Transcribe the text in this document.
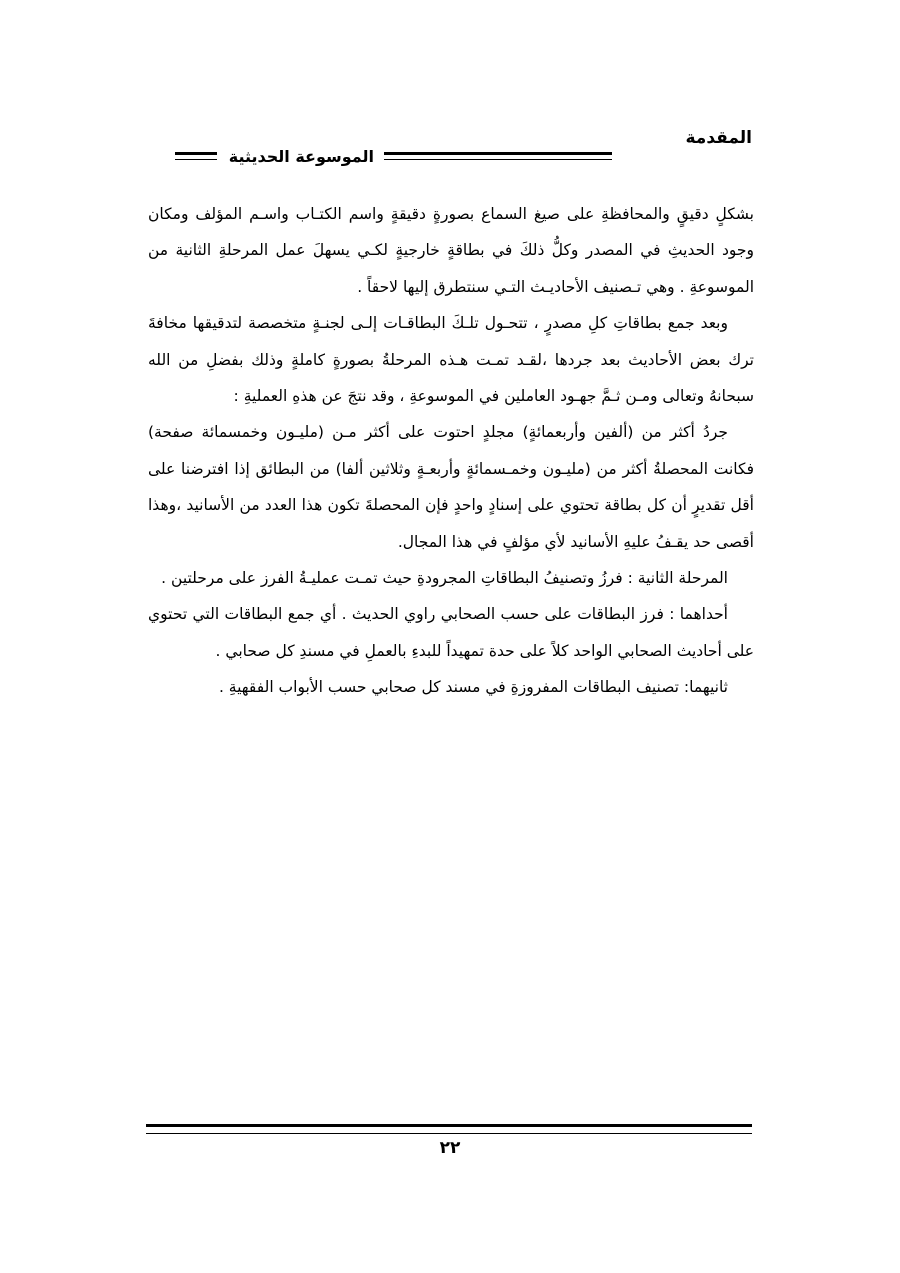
المقدمة
الموسوعة الحديثية

بشكلٍ دقيقٍ والمحافظةِ على صيغ السماع بصورةٍ دقيقةٍ واسم الكتـاب واسـم المؤلف ومكان وجود الحديثِ في المصدر وكلُّ ذلكَ في بطاقةٍ خارجيةٍ لكـي يسهلَ عمل المرحلةِ الثانية من الموسوعةِ . وهي تـصنيف الأحاديـث التـي سنتطرق إليها لاحقاً .

وبعد جمع بطاقاتِ كلِ مصدرٍ ، تتحـول تلـكَ البطاقـات إلـى لجنـةٍ متخصصة لتدقيقها مخافةَ ترك بعض الأحاديث بعد جردها ،لقـد تمـت هـذه المرحلةُ بصورةٍ كاملةٍ وذلك بفضلِ من الله سبحانهُ وتعالى ومـن ثـمَّ جهـود العاملين في الموسوعةِ ، وقد نتجَ عن هذهِ العمليةِ :

جردُ أكثر من (ألفين وأربعمائةٍ) مجلدٍ احتوت على أكثر مـن (مليـون وخمسمائة صفحة) فكانت المحصلةُ أكثر من (مليـون وخمـسمائةٍ وأربعـةٍ وثلاثين ألفا) من البطائق إذا افترضنا على أقل تقديرٍ أن كل بطاقة تحتوي على إسنادٍ واحدٍ فإن المحصلةَ تكون هذا العدد من الأسانيد ،وهذا أقصى حد يقـفُ عليهِ الأسانيد لأي مؤلفٍ في هذا المجال.

المرحلة الثانية : فرزُ وتصنيفُ البطاقاتِ المجرودةِ حيث تمـت عمليـةُ الفرز على مرحلتين .

أحداهما : فرز البطاقات على حسب الصحابي راوي الحديث . أي جمع البطاقات التي تحتوي على أحاديث الصحابي الواحد كلاً على حدة تمهيداً للبدءِ بالعملِ في مسندِ كل صحابي .

ثانيهما: تصنيف البطاقات المفروزةِ في مسند كل صحابي حسب الأبواب الفقهيةِ .

٢٢
